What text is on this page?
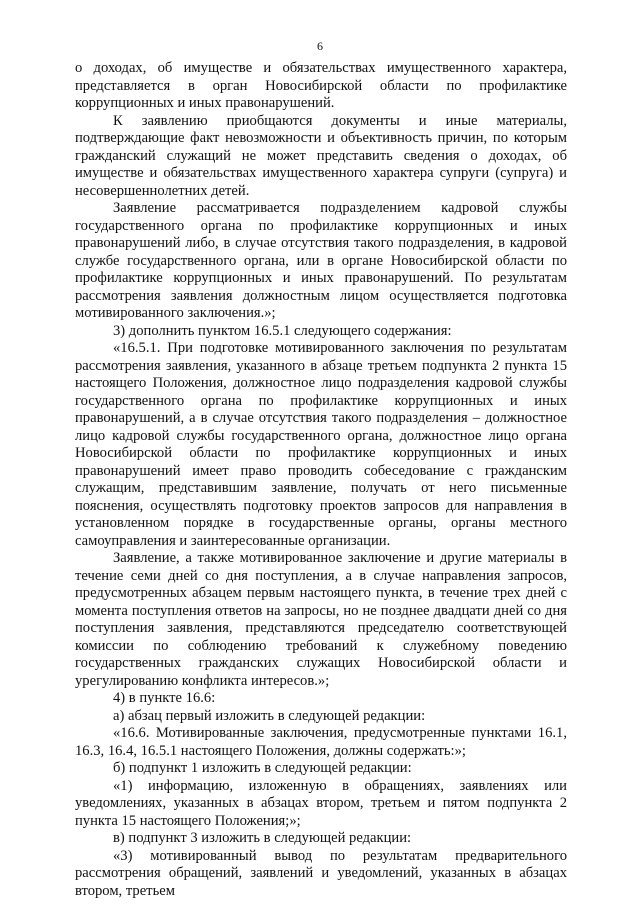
6

о доходах, об имуществе и обязательствах имущественного характера, представляется в орган Новосибирской области по профилактике коррупционных и иных правонарушений.

К заявлению приобщаются документы и иные материалы, подтверждающие факт невозможности и объективность причин, по которым гражданский служащий не может представить сведения о доходах, об имуществе и обязательствах имущественного характера супруги (супруга) и несовершеннолетних детей.

Заявление рассматривается подразделением кадровой службы государственного органа по профилактике коррупционных и иных правонарушений либо, в случае отсутствия такого подразделения, в кадровой службе государственного органа, или в органе Новосибирской области по профилактике коррупционных и иных правонарушений. По результатам рассмотрения заявления должностным лицом осуществляется подготовка мотивированного заключения.»;

3) дополнить пунктом 16.5.1 следующего содержания:

«16.5.1. При подготовке мотивированного заключения по результатам рассмотрения заявления, указанного в абзаце третьем подпункта 2 пункта 15 настоящего Положения, должностное лицо подразделения кадровой службы государственного органа по профилактике коррупционных и иных правонарушений, а в случае отсутствия такого подразделения – должностное лицо кадровой службы государственного органа, должностное лицо органа Новосибирской области по профилактике коррупционных и иных правонарушений имеет право проводить собеседование с гражданским служащим, представившим заявление, получать от него письменные пояснения, осуществлять подготовку проектов запросов для направления в установленном порядке в государственные органы, органы местного самоуправления и заинтересованные организации.

Заявление, а также мотивированное заключение и другие материалы в течение семи дней со дня поступления, а в случае направления запросов, предусмотренных абзацем первым настоящего пункта, в течение трех дней с момента поступления ответов на запросы, но не позднее двадцати дней со дня поступления заявления, представляются председателю соответствующей комиссии по соблюдению требований к служебному поведению государственных гражданских служащих Новосибирской области и урегулированию конфликта интересов.»;

4) в пункте 16.6:

а) абзац первый изложить в следующей редакции:

«16.6. Мотивированные заключения, предусмотренные пунктами 16.1, 16.3, 16.4, 16.5.1 настоящего Положения, должны содержать:»;

б) подпункт 1 изложить в следующей редакции:

«1) информацию, изложенную в обращениях, заявлениях или уведомлениях, указанных в абзацах втором, третьем и пятом подпункта 2 пункта 15 настоящего Положения;»;

в) подпункт 3 изложить в следующей редакции:

«3) мотивированный вывод по результатам предварительного рассмотрения обращений, заявлений и уведомлений, указанных в абзацах втором, третьем
